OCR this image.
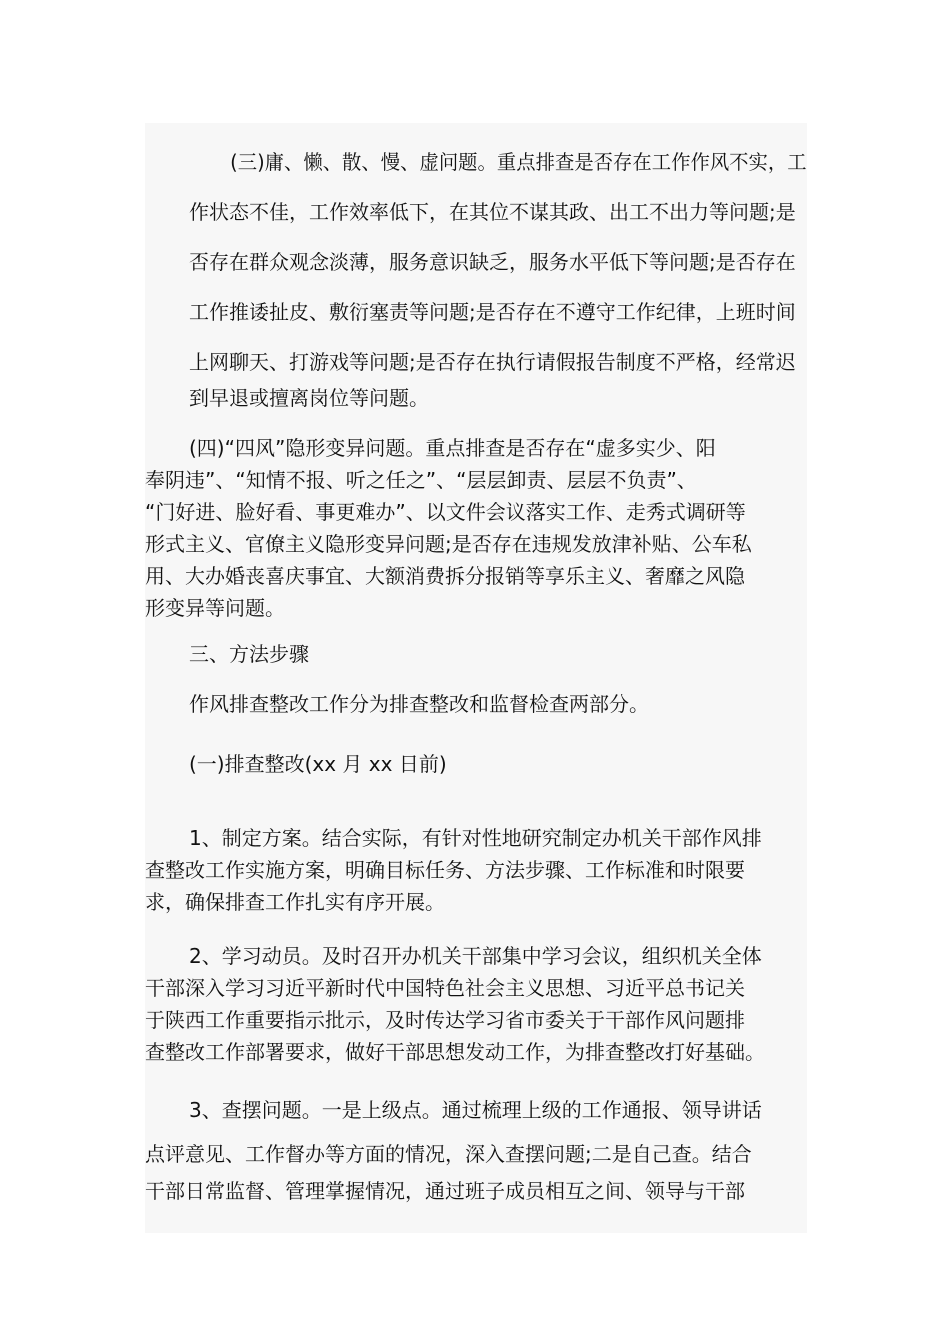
(三)庸、懒、散、慢、虚问题。重点排查是否存在工作作风不实，工
作状态不佳，工作效率低下，在其位不谋其政、出工不出力等问题;是
否存在群众观念淡薄，服务意识缺乏，服务水平低下等问题;是否存在
工作推诿扯皮、敷衍塞责等问题;是否存在不遵守工作纪律，上班时间
上网聊天、打游戏等问题;是否存在执行请假报告制度不严格，经常迟
到早退或擅离岗位等问题。
(四)“四风”隐形变异问题。重点排查是否存在“虚多实少、阳
奉阴违”、“知情不报、听之任之”、“层层卸责、层层不负责”、
“门好进、脸好看、事更难办”、以文件会议落实工作、走秀式调研等
形式主义、官僚主义隐形变异问题;是否存在违规发放津补贴、公车私
用、大办婚丧喜庆事宜、大额消费拆分报销等享乐主义、奢靡之风隐
形变异等问题。
三、方法步骤
作风排查整改工作分为排查整改和监督检查两部分。
(一)排查整改(xx 月 xx 日前)
1、制定方案。结合实际，有针对性地研究制定办机关干部作风排
查整改工作实施方案，明确目标任务、方法步骤、工作标准和时限要
求，确保排查工作扎实有序开展。
2、学习动员。及时召开办机关干部集中学习会议，组织机关全体
干部深入学习习近平新时代中国特色社会主义思想、习近平总书记关
于陕西工作重要指示批示，及时传达学习省市委关于干部作风问题排
查整改工作部署要求，做好干部思想发动工作，为排查整改打好基础。
3、查摆问题。一是上级点。通过梳理上级的工作通报、领导讲话
点评意见、工作督办等方面的情况，深入查摆问题;二是自己查。结合
干部日常监督、管理掌握情况，通过班子成员相互之间、领导与干部
